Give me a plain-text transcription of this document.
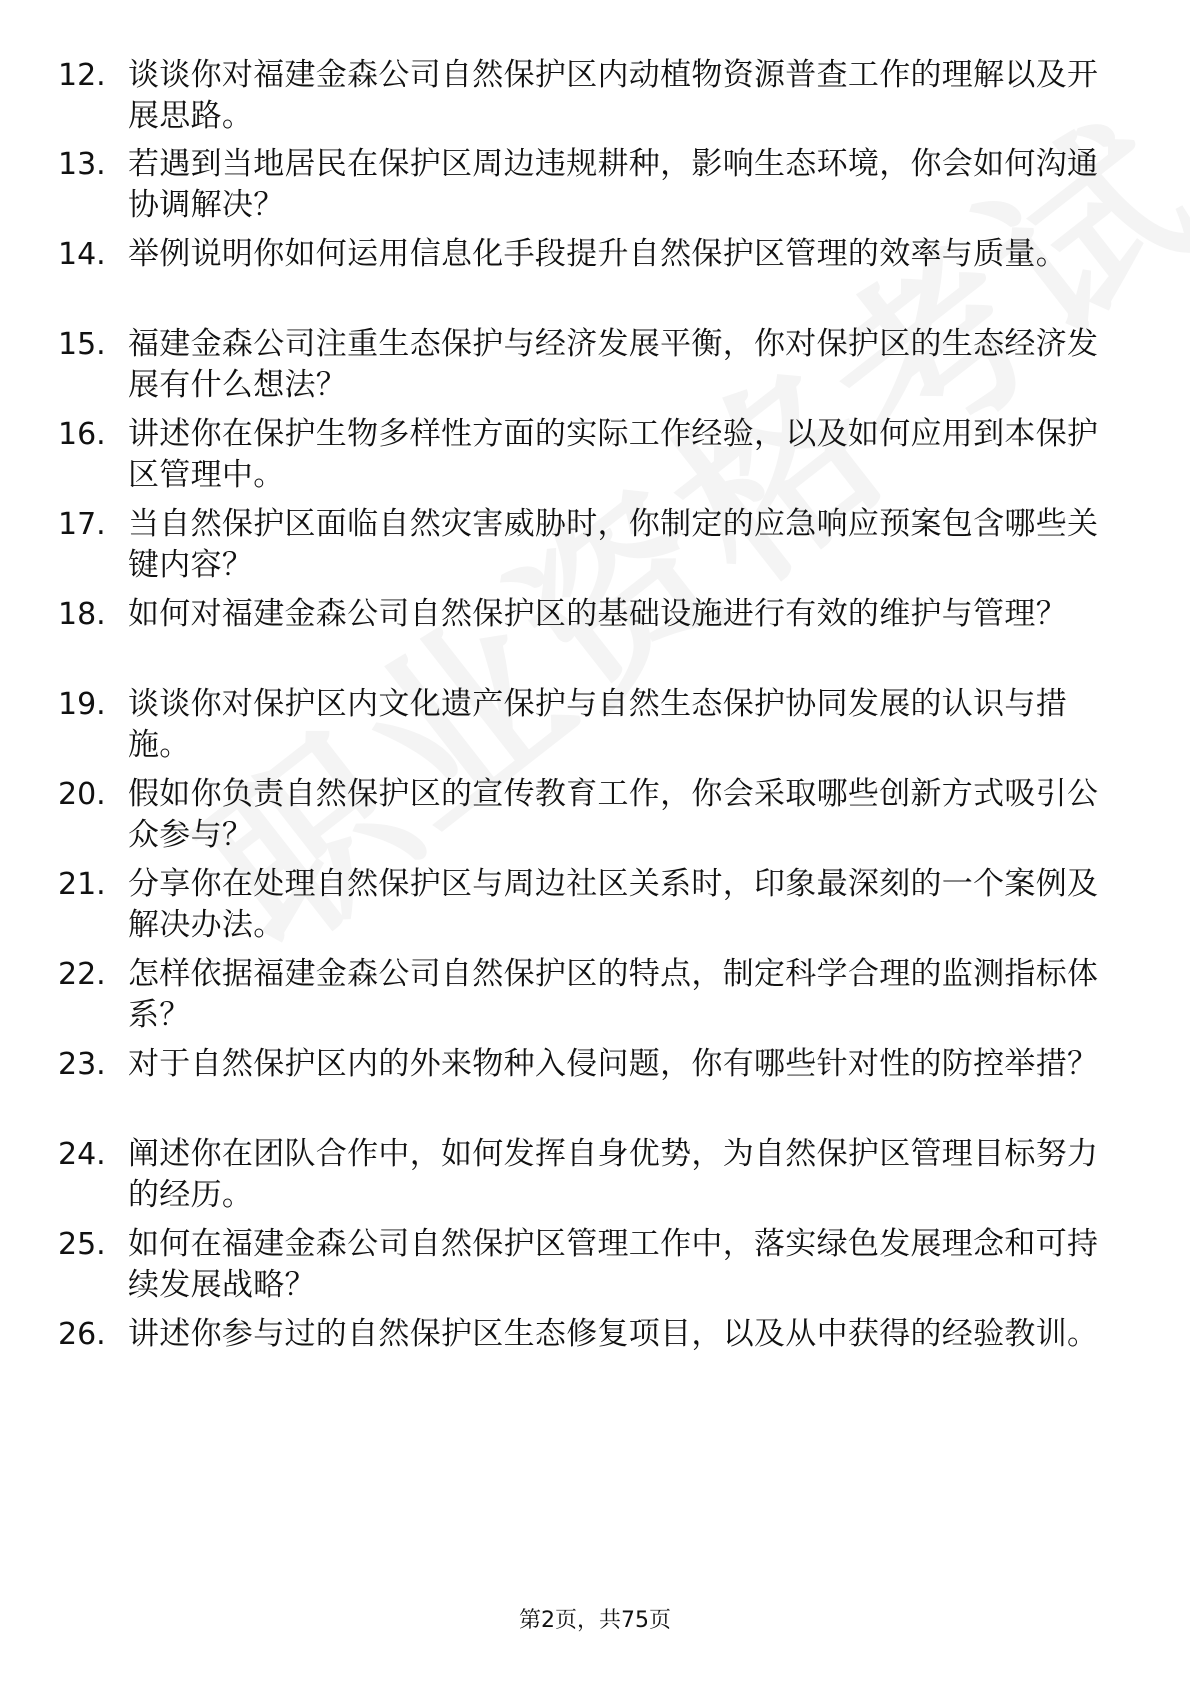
12. 谈谈你对福建金森公司自然保护区内动植物资源普查工作的理解以及开展思路。
13. 若遇到当地居民在保护区周边违规耕种，影响生态环境，你会如何沟通协调解决？
14. 举例说明你如何运用信息化手段提升自然保护区管理的效率与质量。
15. 福建金森公司注重生态保护与经济发展平衡，你对保护区的生态经济发展有什么想法？
16. 讲述你在保护生物多样性方面的实际工作经验，以及如何应用到本保护区管理中。
17. 当自然保护区面临自然灾害威胁时，你制定的应急响应预案包含哪些关键内容？
18. 如何对福建金森公司自然保护区的基础设施进行有效的维护与管理？
19. 谈谈你对保护区内文化遗产保护与自然生态保护协同发展的认识与措施。
20. 假如你负责自然保护区的宣传教育工作，你会采取哪些创新方式吸引公众参与？
21. 分享你在处理自然保护区与周边社区关系时，印象最深刻的一个案例及解决办法。
22. 怎样依据福建金森公司自然保护区的特点，制定科学合理的监测指标体系？
23. 对于自然保护区内的外来物种入侵问题，你有哪些针对性的防控举措？
24. 阐述你在团队合作中，如何发挥自身优势，为自然保护区管理目标努力的经历。
25. 如何在福建金森公司自然保护区管理工作中，落实绿色发展理念和可持续发展战略？
26. 讲述你参与过的自然保护区生态修复项目，以及从中获得的经验教训。
第2页，共75页
